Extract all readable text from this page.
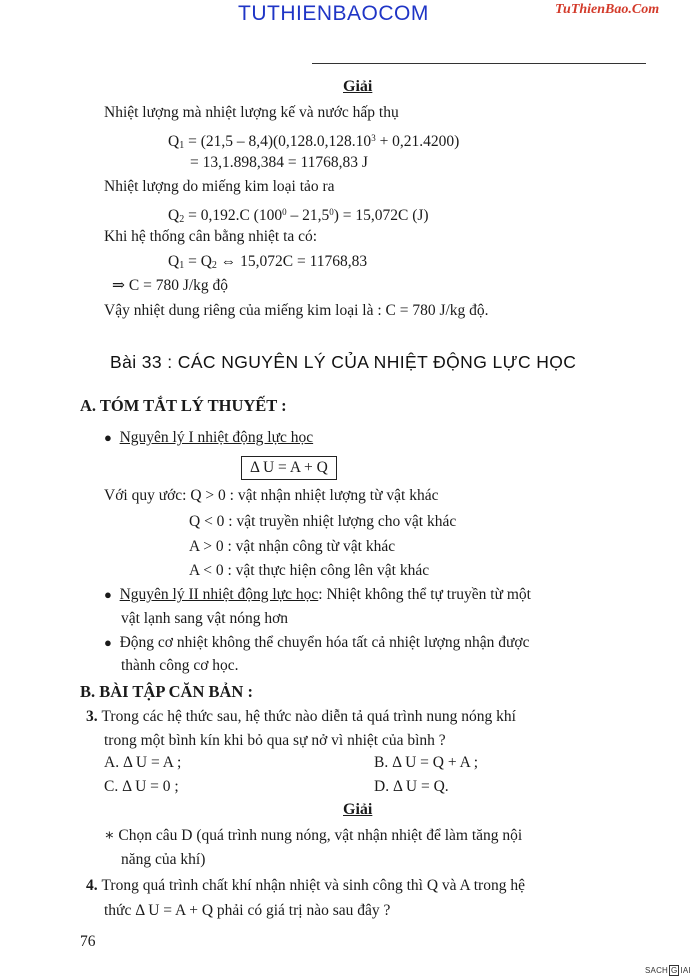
TUTHIENBAOCOM	TuThienBao.Com
Giải
Nhiệt lượng mà nhiệt lượng kế và nước hấp thụ
$Q_1 = (21,5 - 8,4)(0,128.0,128.10^3 + 0,21.4200)$
= 13,1.898,384 = 11768,83 J
Nhiệt lượng do miếng kim loại tảo ra
$Q_2 = 0,192.C$ $(100^0 - 21,5^0) = 15,072C$ (J)
Khi hệ thống cân bằng nhiệt ta có:
$Q_1 = Q_2$ ⇔ 15,072C = 11768,83
⇒ C = 780 J/kg độ
Vậy nhiệt dung riêng của miếng kim loại là : C = 780 J/kg độ.
Bài 33 : CÁC NGUYÊN LÝ CỦA NHIỆT ĐỘNG LỰC HỌC
A. TÓM TẮT LÝ THUYẾT :
● Nguyên lý I nhiệt động lực học
Δ U = A + Q
Với quy ước: Q > 0 : vật nhận nhiệt lượng từ vật khác
Q < 0 : vật truyền nhiệt lượng cho vật khác
A > 0 : vật nhận công từ vật khác
A < 0 : vật thực hiện công lên vật khác
● Nguyên lý II nhiệt động lực học: Nhiệt không thể tự truyền từ một
vật lạnh sang vật nóng hơn
● Động cơ nhiệt không thể chuyển hóa tất cả nhiệt lượng nhận được
thành công cơ học.
B. BÀI TẬP CĂN BẢN :
3. Trong các hệ thức sau, hệ thức nào diễn tả quá trình nung nóng khí
trong một bình kín khi bỏ qua sự nở vì nhiệt của bình ?
A. Δ U = A ;	B. Δ U = Q + A ;
C. Δ U = 0 ;	D. Δ U = Q.
Giải
∗ Chọn câu D (quá trình nung nóng, vật nhận nhiệt để làm tăng nội
năng của khí)
4. Trong quá trình chất khí nhận nhiệt và sinh công thì Q và A trong hệ
thức Δ U = A + Q phải có giá trị nào sau đây ?
76
SACH G IAI
